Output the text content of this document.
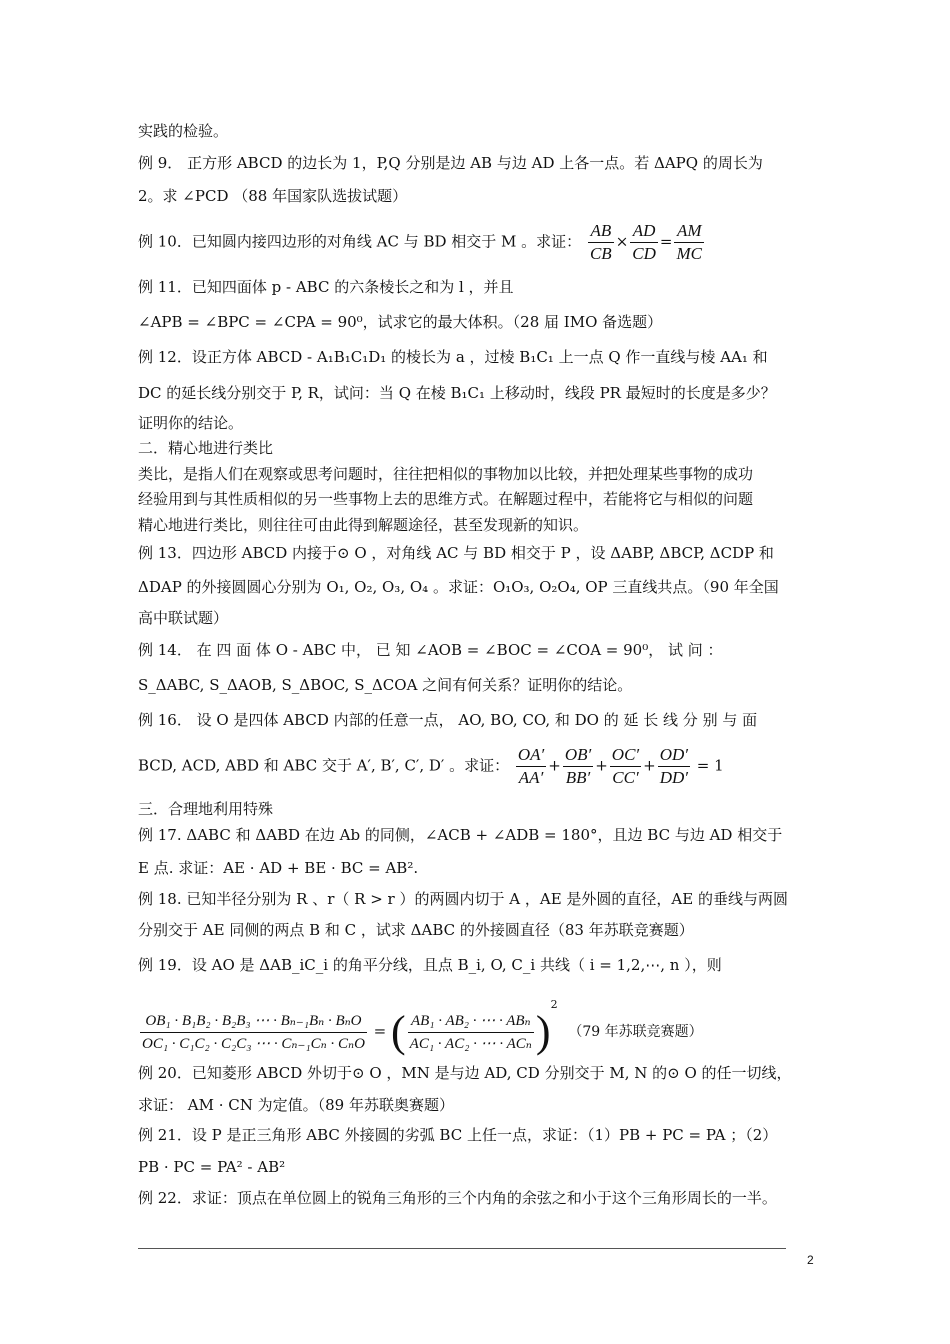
实践的检验。
例 9． 正方形 ABCD 的边长为 1，P,Q 分别是边 AB 与边 AD 上各一点。若 ΔAPQ 的周长为
2。求 ∠PCD （88 年国家队选拔试题）
例 10．已知圆内接四边形的对角线 AC 与 BD 相交于 M 。求证： $\frac{AB}{CB} \times \frac{AD}{CD} = \frac{AM}{MC}$
例 11．已知四面体 p - ABC 的六条棱长之和为 l ，并且
∠APB = ∠BPC = ∠CPA = 90⁰，试求它的最大体积。（28 届 IMO 备选题）
例 12．设正方体 ABCD - A₁B₁C₁D₁ 的棱长为 a ，过棱 B₁C₁ 上一点 Q 作一直线与棱 AA₁ 和
DC 的延长线分别交于 P, R，试问：当 Q 在棱 B₁C₁ 上移动时，线段 PR 最短时的长度是多少？
证明你的结论。
二．精心地进行类比
类比，是指人们在观察或思考问题时，往往把相似的事物加以比较，并把处理某些事物的成功
经验用到与其性质相似的另一些事物上去的思维方式。在解题过程中，若能将它与相似的问题
精心地进行类比，则往往可由此得到解题途径，甚至发现新的知识。
例 13．四边形 ABCD 内接于⊙ O ，对角线 AC 与 BD 相交于 P ，设 ΔABP, ΔBCP, ΔCDP 和
ΔDAP 的外接圆圆心分别为 O₁, O₂, O₃, O₄ 。求证：O₁O₃, O₂O₄, OP 三直线共点。（90 年全国
高中联试题）
例 14． 在 四 面 体 O - ABC 中， 已 知 ∠AOB = ∠BOC = ∠COA = 90⁰， 试 问 ：
S_ΔABC, S_ΔAOB, S_ΔBOC, S_ΔCOA 之间有何关系？证明你的结论。
例 16． 设 O 是四体 ABCD 内部的任意一点， AO, BO, CO, 和 DO 的 延 长 线 分 别 与 面
BCD, ACD, ABD 和 ABC 交于 A′, B′, C′, D′ 。求证： $\frac{OA'}{AA'} + \frac{OB'}{BB'} + \frac{OC'}{CC'} + \frac{OD'}{DD'} = 1$
三．合理地利用特殊
例 17. ΔABC 和 ΔABD 在边 Ab 的同侧，∠ACB + ∠ADB = 180°，且边 BC 与边 AD 相交于
E 点. 求证：AE · AD + BE · BC = AB².
例 18. 已知半径分别为 R 、r（ R > r ）的两圆内切于 A ，AE 是外圆的直径，AE 的垂线与两圆
分别交于 AE 同侧的两点 B 和 C ，试求 ΔABC 的外接圆直径（83 年苏联竞赛题）
例 19．设 AO 是 ΔAB_iC_i 的角平分线，且点 B_i, O, C_i 共线（ i = 1,2,⋯, n ），则
$\frac{\text{OB₁ · B₁B₂ · B₂B₃ ⋯ · Bₙ₋₁Bₙ · BₙO}}{\text{OC₁ · C₁C₂ · C₂C₃ ⋯ · Cₙ₋₁Cₙ · CₙO}}$ = ( $\frac{\text{AB₁ · AB₂ · ⋯ · ABₙ}}{\text{AC₁ · AC₂ · ⋯ · ACₙ}} )^2$ （79 年苏联竞赛题）
例 20．已知菱形 ABCD 外切于⊙ O ，MN 是与边 AD, CD 分别交于 M, N 的⊙ O 的任一切线，
求证： AM · CN 为定值。（89 年苏联奥赛题）
例 21．设 P 是正三角形 ABC 外接圆的劣弧 BC 上任一点，求证：（1）PB + PC = PA ；（2）
PB · PC = PA² - AB²
例 22．求证：顶点在单位圆上的锐角三角形的三个内角的余弦之和小于这个三角形周长的一半。
2
